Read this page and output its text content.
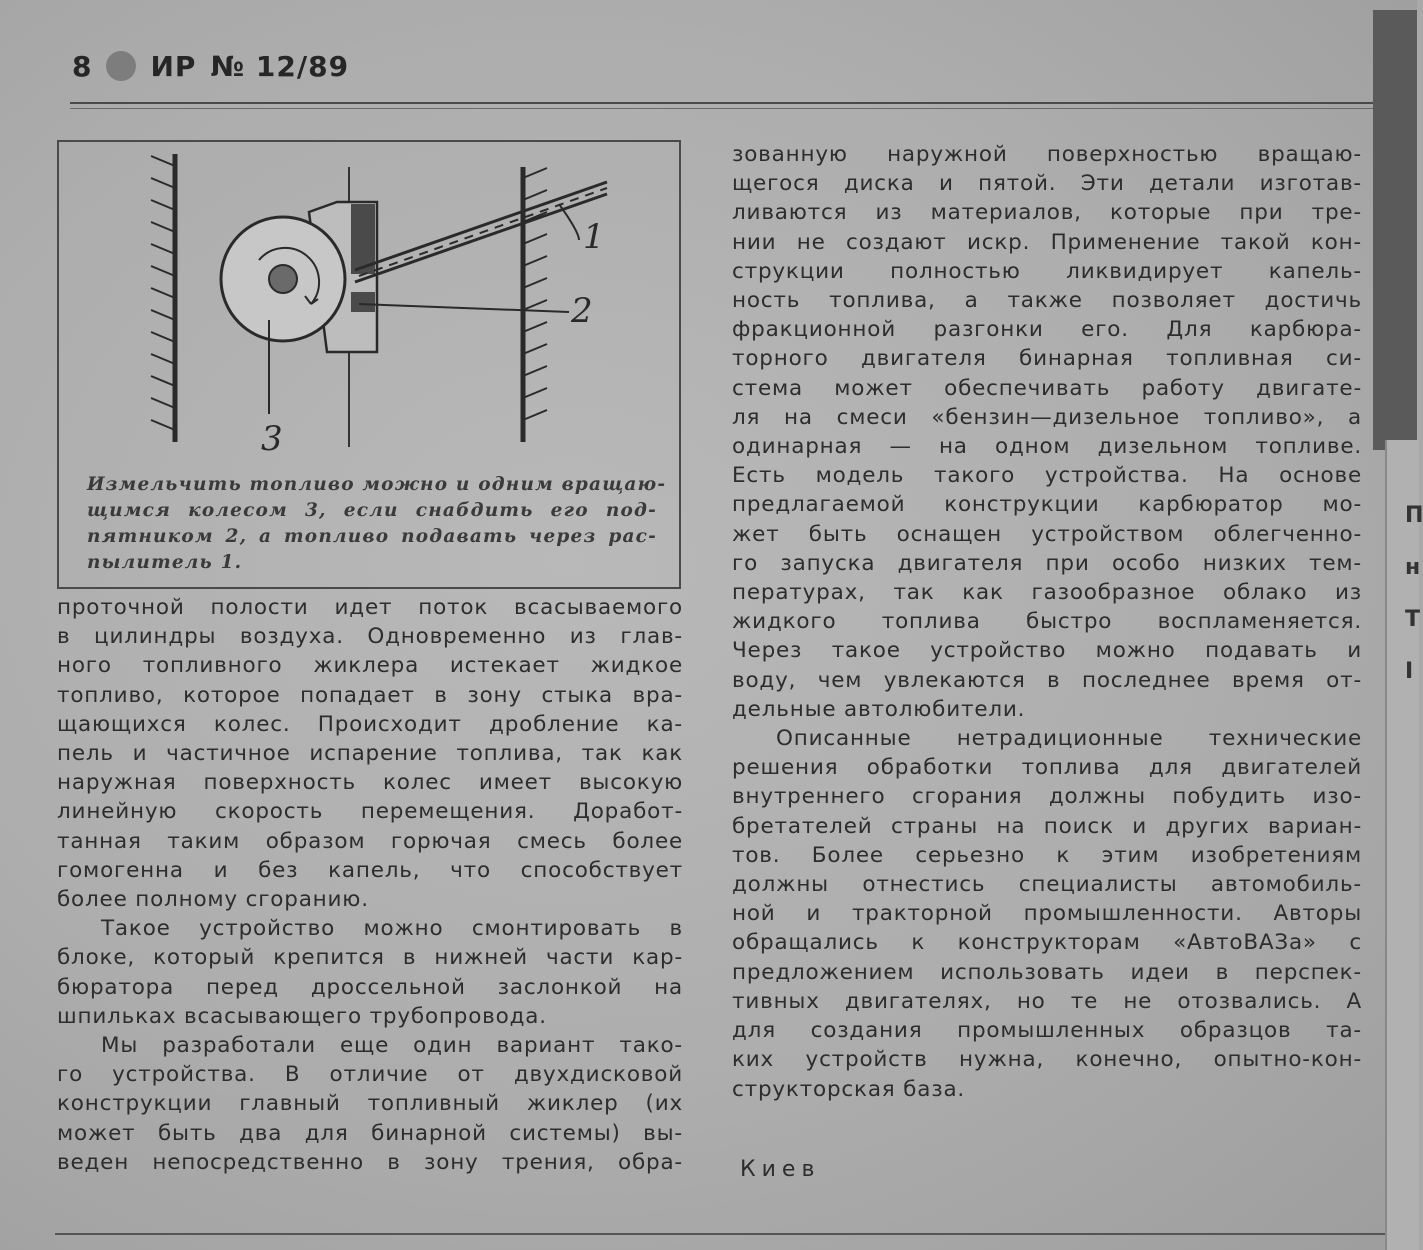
8 ИР № 12/89
1
2
3
Измельчить топливо можно и одним вращаю-
щимся колесом 3, если снабдить его под-
пятником 2, а топливо подавать через рас-
пылитель 1.

проточной полости идет поток всасываемого
в цилиндры воздуха. Одновременно из глав-
ного топливного жиклера истекает жидкое
топливо, которое попадает в зону стыка вра-
щающихся колес. Происходит дробление ка-
пель и частичное испарение топлива, так как
наружная поверхность колес имеет высокую
линейную скорость перемещения. Доработ-
танная таким образом горючая смесь более
гомогенна и без капель, что способствует
более полному сгоранию.

Такое устройство можно смонтировать в
блоке, который крепится в нижней части кар-
бюратора перед дроссельной заслонкой на
шпильках всасывающего трубопровода.

Мы разработали еще один вариант тако-
го устройства. В отличие от двухдисковой
конструкции главный топливный жиклер (их
может быть два для бинарной системы) вы-
веден непосредственно в зону трения, обра-

зованную наружной поверхностью вращаю-
щегося диска и пятой. Эти детали изготав-
ливаются из материалов, которые при тре-
нии не создают искр. Применение такой кон-
струкции полностью ликвидирует капель-
ность топлива, а также позволяет достичь
фракционной разгонки его. Для карбюра-
торного двигателя бинарная топливная си-
стема может обеспечивать работу двигате-
ля на смеси «бензин—дизельное топливо», а
одинарная — на одном дизельном топливе.
Есть модель такого устройства. На основе
предлагаемой конструкции карбюратор мо-
жет быть оснащен устройством облегченно-
го запуска двигателя при особо низких тем-
пературах, так как газообразное облако из
жидкого топлива быстро воспламеняется.
Через такое устройство можно подавать и
воду, чем увлекаются в последнее время от-
дельные автолюбители.

Описанные нетрадиционные технические
решения обработки топлива для двигателей
внутреннего сгорания должны побудить изо-
бретателей страны на поиск и других вариан-
тов. Более серьезно к этим изобретениям
должны отнестись специалисты автомобиль-
ной и тракторной промышленности. Авторы
обращались к конструкторам «АвтоВАЗа» с
предложением использовать идеи в перспек-
тивных двигателях, но те не отозвались. А
для создания промышленных образцов та-
ких устройств нужна, конечно, опытно-кон-
структорская база.

Киев
П
н
Т
I
